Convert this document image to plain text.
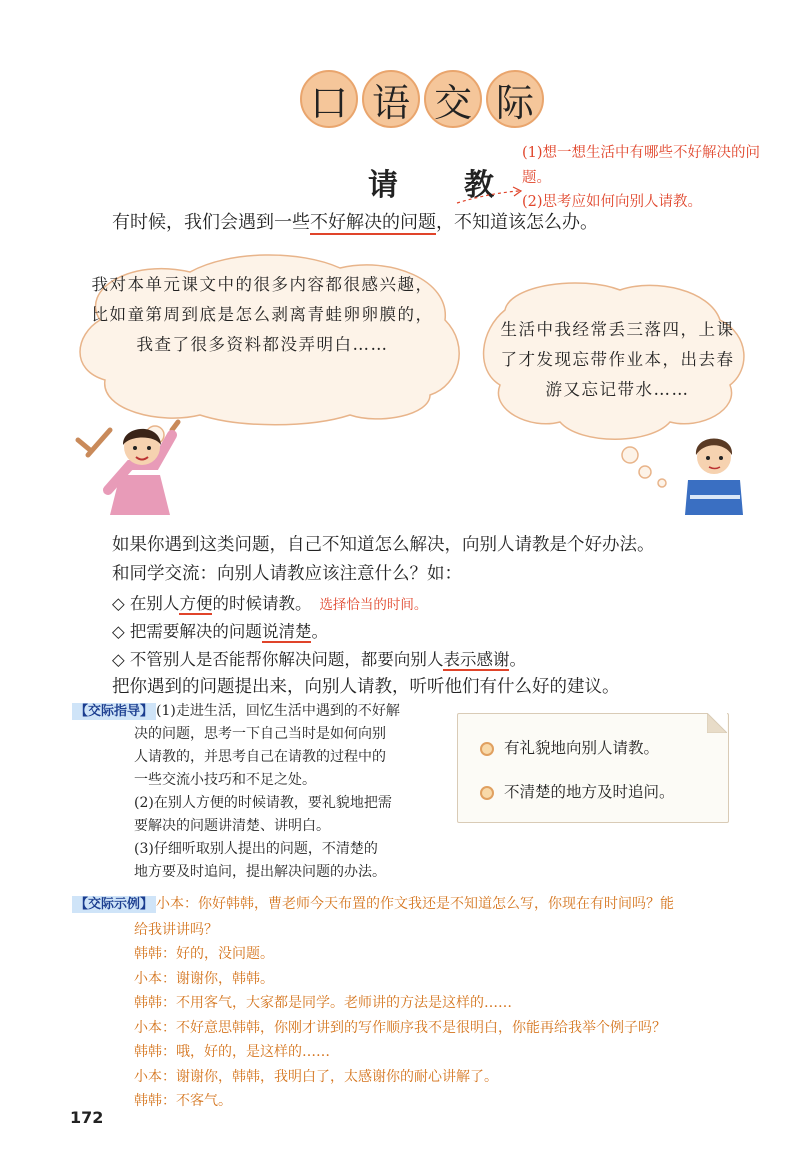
口 语 交 际
请　教
(1)想一想生活中有哪些不好解决的问题。
(2)思考应如何向别人请教。
有时候，我们会遇到一些不好解决的问题，不知道该怎么办。
我对本单元课文中的很多内容都很感兴趣，比如童第周到底是怎么剥离青蛙卵卵膜的，我查了很多资料都没弄明白……
生活中我经常丢三落四，上课了才发现忘带作业本，出去春游又忘记带水……
如果你遇到这类问题，自己不知道怎么解决，向别人请教是个好办法。
和同学交流：向别人请教应该注意什么？如：
◇ 在别人方便的时候请教。 选择恰当的时间。
◇ 把需要解决的问题说清楚。
◇ 不管别人是否能帮你解决问题，都要向别人表示感谢。
把你遇到的问题提出来，向别人请教，听听他们有什么好的建议。
【交际指导】 (1)走进生活，回忆生活中遇到的不好解
决的问题，思考一下自己当时是如何向别
人请教的，并思考自己在请教的过程中的
一些交流小技巧和不足之处。
(2)在别人方便的时候请教，要礼貌地把需
要解决的问题讲清楚、讲明白。
(3)仔细听取别人提出的问题，不清楚的
地方要及时追问，提出解决问题的办法。
有礼貌地向别人请教。
不清楚的地方及时追问。
【交际示例】 小本：你好韩韩，曹老师今天布置的作文我还是不知道怎么写，你现在有时间吗？能
给我讲讲吗？
韩韩：好的，没问题。
小本：谢谢你，韩韩。
韩韩：不用客气，大家都是同学。老师讲的方法是这样的……
小本：不好意思韩韩，你刚才讲到的写作顺序我不是很明白，你能再给我举个例子吗？
韩韩：哦，好的，是这样的……
小本：谢谢你，韩韩，我明白了，太感谢你的耐心讲解了。
韩韩：不客气。
172
